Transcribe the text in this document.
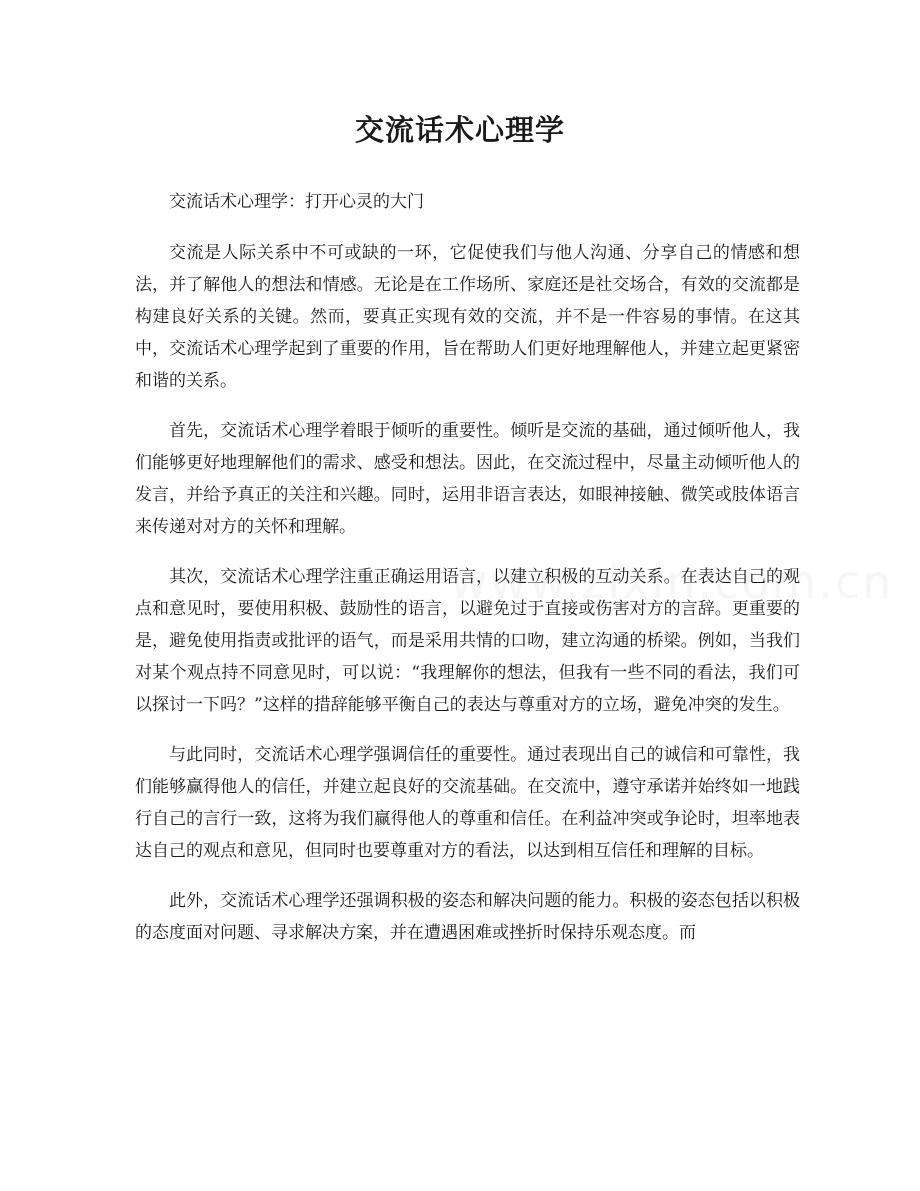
交流话术心理学

交流话术心理学：打开心灵的大门

交流是人际关系中不可或缺的一环，它促使我们与他人沟通、分享自己的情感和想法，并了解他人的想法和情感。无论是在工作场所、家庭还是社交场合，有效的交流都是构建良好关系的关键。然而，要真正实现有效的交流，并不是一件容易的事情。在这其中，交流话术心理学起到了重要的作用，旨在帮助人们更好地理解他人，并建立起更紧密和谐的关系。

首先，交流话术心理学着眼于倾听的重要性。倾听是交流的基础，通过倾听他人，我们能够更好地理解他们的需求、感受和想法。因此，在交流过程中，尽量主动倾听他人的发言，并给予真正的关注和兴趣。同时，运用非语言表达，如眼神接触、微笑或肢体语言来传递对对方的关怀和理解。

其次，交流话术心理学注重正确运用语言，以建立积极的互动关系。在表达自己的观点和意见时，要使用积极、鼓励性的语言，以避免过于直接或伤害对方的言辞。更重要的是，避免使用指责或批评的语气，而是采用共情的口吻，建立沟通的桥梁。例如，当我们对某个观点持不同意见时，可以说：“我理解你的想法，但我有一些不同的看法，我们可以探讨一下吗？”这样的措辞能够平衡自己的表达与尊重对方的立场，避免冲突的发生。

与此同时，交流话术心理学强调信任的重要性。通过表现出自己的诚信和可靠性，我们能够赢得他人的信任，并建立起良好的交流基础。在交流中，遵守承诺并始终如一地践行自己的言行一致，这将为我们赢得他人的尊重和信任。在利益冲突或争论时，坦率地表达自己的观点和意见，但同时也要尊重对方的看法，以达到相互信任和理解的目标。

此外，交流话术心理学还强调积极的姿态和解决问题的能力。积极的姿态包括以积极的态度面对问题、寻求解决方案，并在遭遇困难或挫折时保持乐观态度。而
